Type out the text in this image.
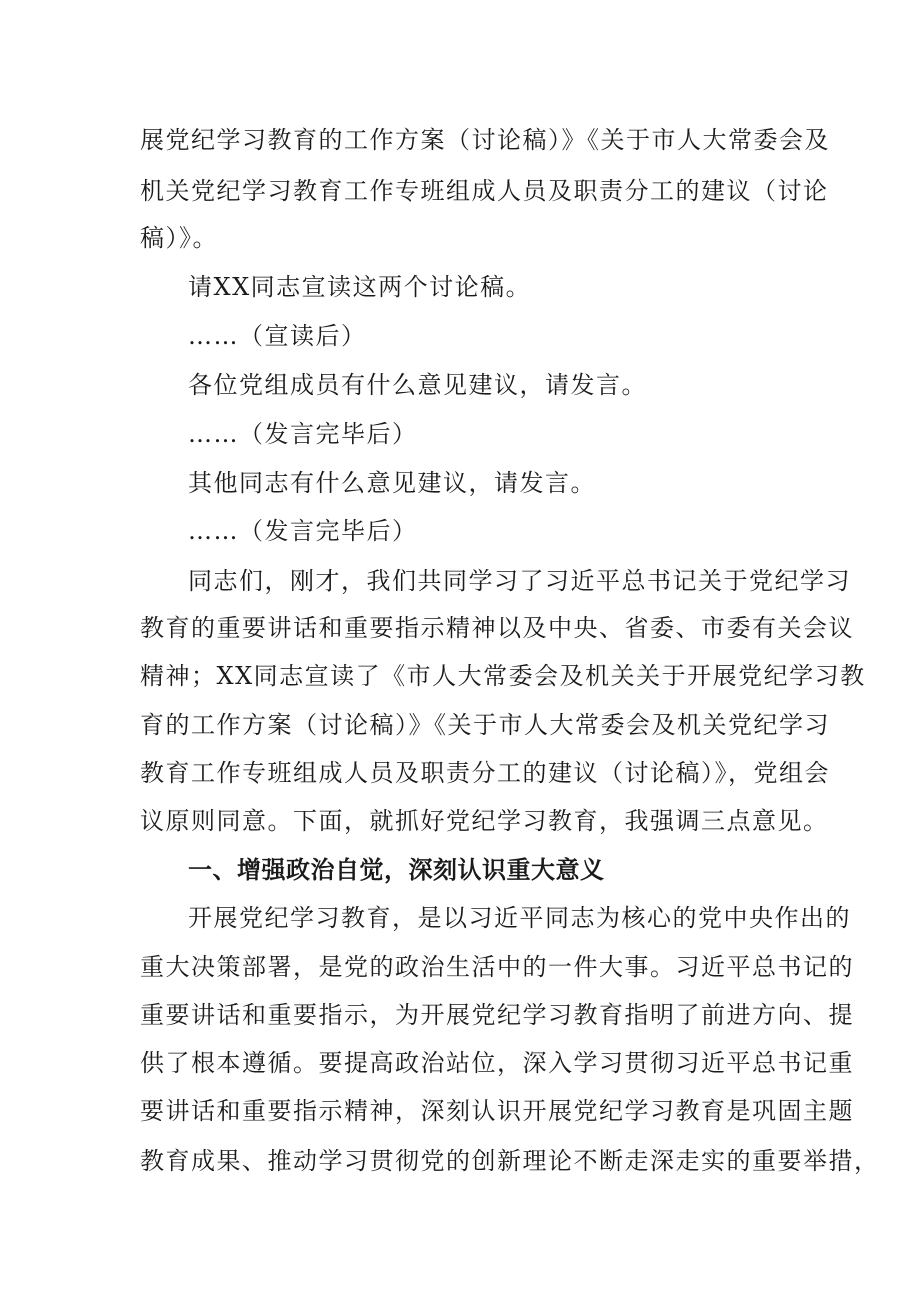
展党纪学习教育的工作方案（讨论稿）》《关于市人大常委会及
机关党纪学习教育工作专班组成人员及职责分工的建议（讨论
稿）》。
请XX同志宣读这两个讨论稿。
……（宣读后）
各位党组成员有什么意见建议，请发言。
……（发言完毕后）
其他同志有什么意见建议，请发言。
……（发言完毕后）
同志们，刚才，我们共同学习了习近平总书记关于党纪学习
教育的重要讲话和重要指示精神以及中央、省委、市委有关会议
精神；XX同志宣读了《市人大常委会及机关关于开展党纪学习教
育的工作方案（讨论稿）》《关于市人大常委会及机关党纪学习
教育工作专班组成人员及职责分工的建议（讨论稿）》，党组会
议原则同意。下面，就抓好党纪学习教育，我强调三点意见。
一、增强政治自觉，深刻认识重大意义
开展党纪学习教育，是以习近平同志为核心的党中央作出的
重大决策部署，是党的政治生活中的一件大事。习近平总书记的
重要讲话和重要指示，为开展党纪学习教育指明了前进方向、提
供了根本遵循。要提高政治站位，深入学习贯彻习近平总书记重
要讲话和重要指示精神，深刻认识开展党纪学习教育是巩固主题
教育成果、推动学习贯彻党的创新理论不断走深走实的重要举措，
